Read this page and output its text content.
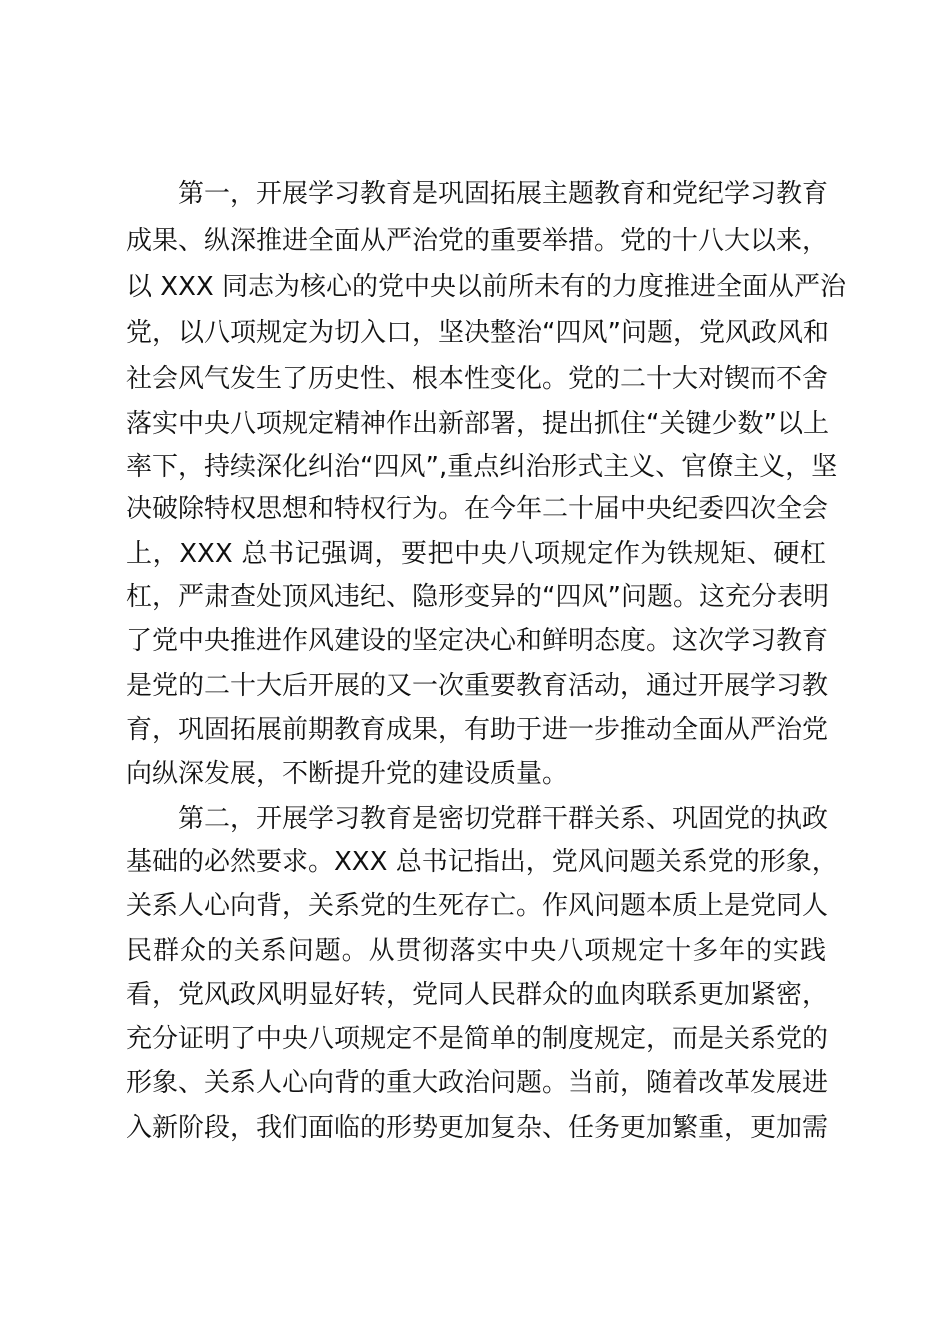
第一，开展学习教育是巩固拓展主题教育和党纪学习教育
成果、纵深推进全面从严治党的重要举措。党的十八大以来，
以 XXX 同志为核心的党中央以前所未有的力度推进全面从严治
党，以八项规定为切入口，坚决整治“四风”问题，党风政风和
社会风气发生了历史性、根本性变化。党的二十大对锲而不舍
落实中央八项规定精神作出新部署，提出抓住“关键少数”以上
率下，持续深化纠治“四风”,重点纠治形式主义、官僚主义，坚
决破除特权思想和特权行为。在今年二十届中央纪委四次全会
上，XXX 总书记强调，要把中央八项规定作为铁规矩、硬杠
杠，严肃查处顶风违纪、隐形变异的“四风”问题。这充分表明
了党中央推进作风建设的坚定决心和鲜明态度。这次学习教育
是党的二十大后开展的又一次重要教育活动，通过开展学习教
育，巩固拓展前期教育成果，有助于进一步推动全面从严治党
向纵深发展，不断提升党的建设质量。
第二，开展学习教育是密切党群干群关系、巩固党的执政
基础的必然要求。XXX 总书记指出，党风问题关系党的形象，
关系人心向背，关系党的生死存亡。作风问题本质上是党同人
民群众的关系问题。从贯彻落实中央八项规定十多年的实践
看，党风政风明显好转，党同人民群众的血肉联系更加紧密，
充分证明了中央八项规定不是简单的制度规定，而是关系党的
形象、关系人心向背的重大政治问题。当前，随着改革发展进
入新阶段，我们面临的形势更加复杂、任务更加繁重，更加需
